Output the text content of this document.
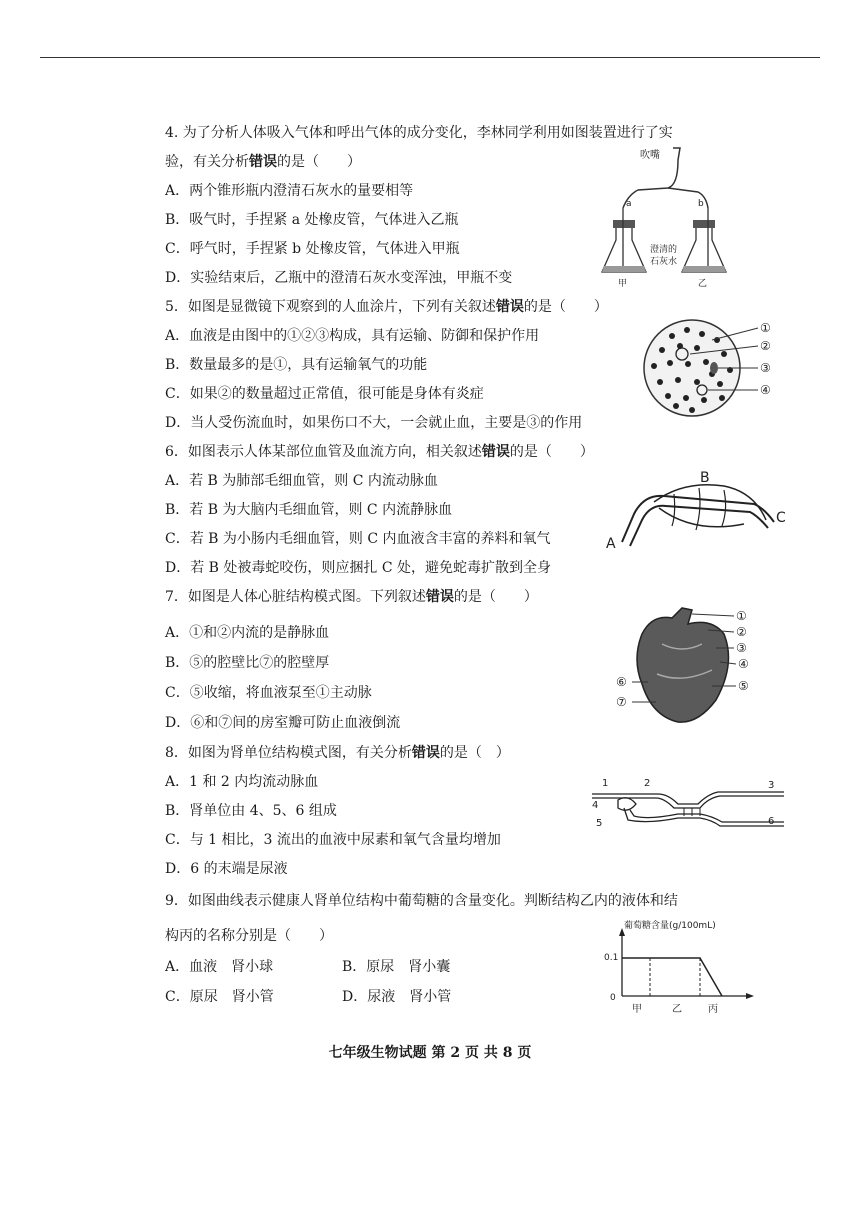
4. 为了分析人体吸入气体和呼出气体的成分变化，李林同学利用如图装置进行了实
验，有关分析错误的是（　　）
A．两个锥形瓶内澄清石灰水的量要相等
B．吸气时，手捏紧 a 处橡皮管，气体进入乙瓶
C．呼气时，手捏紧 b 处橡皮管，气体进入甲瓶
D．实验结束后，乙瓶中的澄清石灰水变浑浊，甲瓶不变
吹嘴
a	b
澄清的
石灰水
甲	乙
5．如图是显微镜下观察到的人血涂片，下列有关叙述错误的是（　　）
A．血液是由图中的①②③构成，具有运输、防御和保护作用
B．数量最多的是①，具有运输氧气的功能
C．如果②的数量超过正常值，很可能是身体有炎症
D．当人受伤流血时，如果伤口不大，一会就止血，主要是③的作用
①
②
③
④
6．如图表示人体某部位血管及血流方向，相关叙述错误的是（　　）
A．若 B 为肺部毛细血管，则 C 内流动脉血
B．若 B 为大脑内毛细血管，则 C 内流静脉血
C．若 B 为小肠内毛细血管，则 C 内血液含丰富的养料和氧气
D．若 B 处被毒蛇咬伤，则应捆扎 C 处，避免蛇毒扩散到全身
B
A
C
7．如图是人体心脏结构模式图。下列叙述错误的是（　　）
A．①和②内流的是静脉血
B．⑤的腔壁比⑦的腔壁厚
C．⑤收缩，将血液泵至①主动脉
D．⑥和⑦间的房室瓣可防止血液倒流
①
②
③
④
⑤
⑥
⑦
8．如图为肾单位结构模式图，有关分析错误的是（　）
A．1 和 2 内均流动脉血
B．肾单位由 4、5、6 组成
C．与 1 相比，3 流出的血液中尿素和氧气含量均增加
D．6 的末端是尿液
1	2	3
4
5	6
9．如图曲线表示健康人肾单位结构中葡萄糖的含量变化。判断结构乙内的液体和结
构丙的名称分别是（　　）
A．血液　肾小球	B．原尿　肾小囊
C．原尿　肾小管	D．尿液　肾小管
葡萄糖含量(g/100mL)
0.1
0
甲	乙	丙
七年级生物试题 第 2 页 共 8 页
